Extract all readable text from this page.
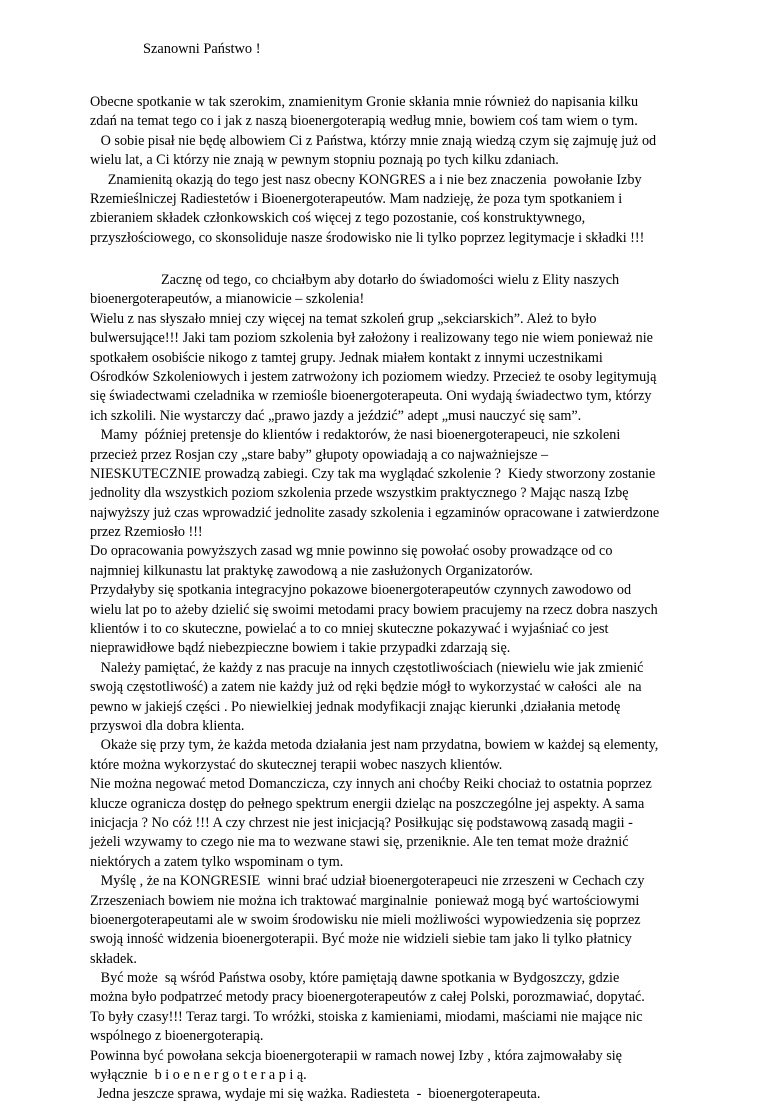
Szanowni Państwo !
Obecne spotkanie w tak szerokim, znamienitym Gronie skłania mnie również do napisania kilku
zdań na temat tego co i jak z naszą bioenergoterapią według mnie, bowiem coś tam wiem o tym.
O sobie pisał nie będę albowiem Ci z Państwa, którzy mnie znają wiedzą czym się zajmuję już od
wielu lat, a Ci którzy nie znają w pewnym stopniu poznają po tych kilku zdaniach.
Znamienitą okazją do tego jest nasz obecny KONGRES a i nie bez znaczenia  powołanie Izby
Rzemieślniczej Radiestetów i Bioenergoterapeutów. Mam nadzieję, że poza tym spotkaniem i
zbieraniem składek członkowskich coś więcej z tego pozostanie, coś konstruktywnego,
przyszłościowego, co skonsoliduje nasze środowisko nie li tylko poprzez legitymacje i składki !!!
Zacznę od tego, co chciałbym aby dotarło do świadomości wielu z Elity naszych
bioenergoterapeutów, a mianowicie – szkolenia!
Wielu z nas słyszało mniej czy więcej na temat szkoleń grup „sekciarskich”. Ależ to było
bulwersujące!!! Jaki tam poziom szkolenia był założony i realizowany tego nie wiem ponieważ nie
spotkałem osobiście nikogo z tamtej grupy. Jednak miałem kontakt z innymi uczestnikami
Ośrodków Szkoleniowych i jestem zatrwożony ich poziomem wiedzy. Przecież te osoby legitymują
się świadectwami czeladnika w rzemiośle bioenergoterapeuta. Oni wydają świadectwo tym, którzy
ich szkolili. Nie wystarczy dać „prawo jazdy a jeździć” adept „musi nauczyć się sam”.
Mamy  później pretensje do klientów i redaktorów, że nasi bioenergoterapeuci, nie szkoleni
przecież przez Rosjan czy „stare baby” głupoty opowiadają a co najważniejsze –
NIESKUTECZNIE prowadzą zabiegi. Czy tak ma wyglądać szkolenie ?  Kiedy stworzony zostanie
jednolity dla wszystkich poziom szkolenia przede wszystkim praktycznego ? Mając naszą Izbę
najwyższy już czas wprowadzić jednolite zasady szkolenia i egzaminów opracowane i zatwierdzone
przez Rzemiosło !!!
Do opracowania powyższych zasad wg mnie powinno się powołać osoby prowadzące od co
najmniej kilkunastu lat praktykę zawodową a nie zasłużonych Organizatorów.
Przydałyby się spotkania integracyjno pokazowe bioenergoterapeutów czynnych zawodowo od
wielu lat po to ażeby dzielić się swoimi metodami pracy bowiem pracujemy na rzecz dobra naszych
klientów i to co skuteczne, powielać a to co mniej skuteczne pokazywać i wyjaśniać co jest
nieprawidłowe bądź niebezpieczne bowiem i takie przypadki zdarzają się.
Należy pamiętać, że każdy z nas pracuje na innych częstotliwościach (niewielu wie jak zmienić
swoją częstotliwość) a zatem nie każdy już od ręki będzie mógł to wykorzystać w całości  ale  na
pewno w jakiejś części . Po niewielkiej jednak modyfikacji znając kierunki ,działania metodę
przyswoi dla dobra klienta.
Okaże się przy tym, że każda metoda działania jest nam przydatna, bowiem w każdej są elementy,
które można wykorzystać do skutecznej terapii wobec naszych klientów.
Nie można negować metod Domanczicza, czy innych ani choćby Reiki chociaż to ostatnia poprzez
klucze ogranicza dostęp do pełnego spektrum energii dzieląc na poszczególne jej aspekty. A sama
inicjacja ? No cóż !!! A czy chrzest nie jest inicjacją? Posiłkując się podstawową zasadą magii -
jeżeli wzywamy to czego nie ma to wezwane stawi się, przeniknie. Ale ten temat może drażnić
niektórych a zatem tylko wspominam o tym.
Myślę , że na KONGRESIE  winni brać udział bioenergoterapeuci nie zrzeszeni w Cechach czy
Zrzeszeniach bowiem nie można ich traktować marginalnie  ponieważ mogą być wartościowymi
bioenergoterapeutami ale w swoim środowisku nie mieli możliwości wypowiedzenia się poprzez
swoją innośċ widzenia bioenergoterapii. Być może nie widzieli siebie tam jako li tylko płatnicy
składek.
Być może  są wśród Państwa osoby, które pamiętają dawne spotkania w Bydgoszczy, gdzie
można było podpatrzeć metody pracy bioenergoterapeutów z całej Polski, porozmawiać, dopytać.
To były czasy!!! Teraz targi. To wróżki, stoiska z kamieniami, miodami, maściami nie mające nic
wspólnego z bioenergoterapią.
Powinna być powołana sekcja bioenergoterapii w ramach nowej Izby , która zajmowałaby się
wyłącznie  b i o e n e r g o t e r a p i ą.
Jedna jeszcze sprawa, wydaje mi się ważka. Radiesteta  -  bioenergoterapeuta.
